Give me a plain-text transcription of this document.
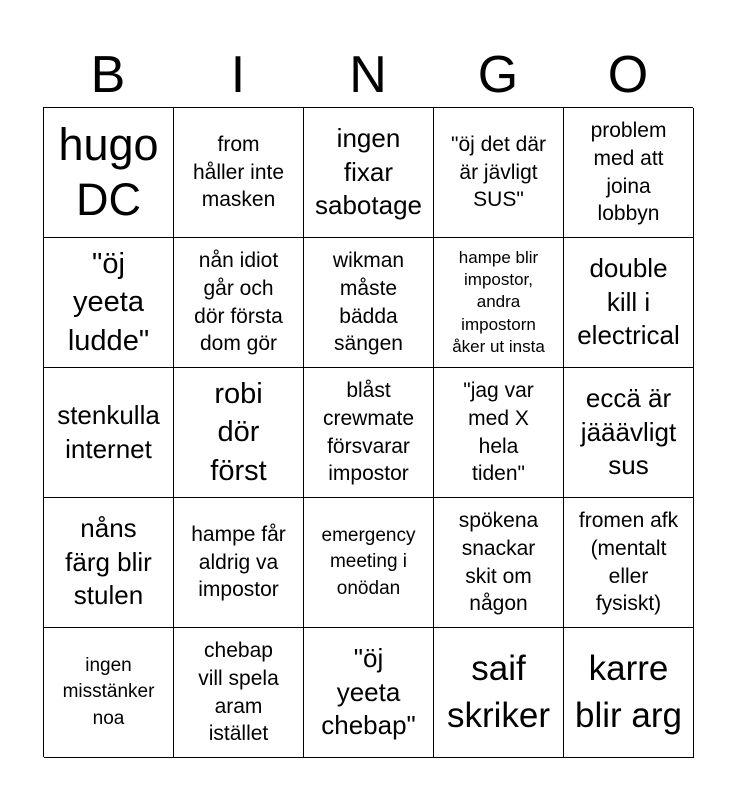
B	I	N	G	O
hugo
DC
from
håller inte
masken
ingen
fixar
sabotage
"öj det där
är jävligt
SUS"
problem
med att
joina
lobbyn
"öj
yeeta
ludde"
nån idiot
går och
dör första
dom gör
wikman
måste
bädda
sängen
hampe blir
impostor,
andra
impostorn
åker ut insta
double
kill i
electrical
stenkulla
internet
robi
dör
först
blåst
crewmate
försvarar
impostor
"jag var
med X
hela
tiden"
eccä är
jääävligt
sus
nåns
färg blir
stulen
hampe får
aldrig va
impostor
emergency
meeting i
onödan
spökena
snackar
skit om
någon
fromen afk
(mentalt
eller
fysiskt)
ingen
misstänker
noa
chebap
vill spela
aram
istället
"öj
yeeta
chebap"
saif
skriker
karre
blir arg
